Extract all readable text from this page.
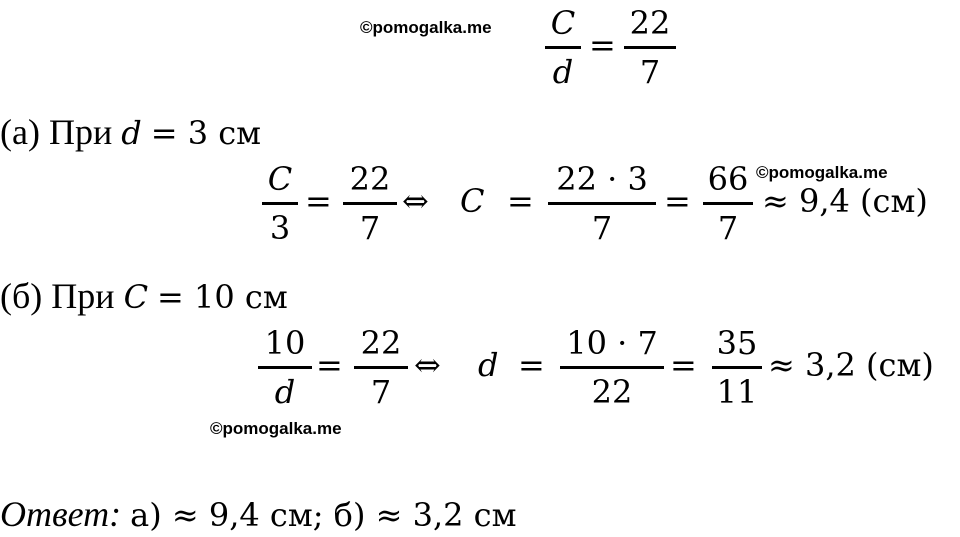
©pomogalka.me
©pomogalka.me
©pomogalka.me
C
d
=
22
7
(а) При d = 3 см
C
3
=
22
7
⇔ C =
22 · 3
7
=
66
7
≈ 9,4 (см)
(б) При C = 10 см
10
d
=
22
7
⇔ d =
10 · 7
22
=
35
11
≈ 3,2 (см)
Ответ: а) ≈ 9,4 см; б) ≈ 3,2 см
